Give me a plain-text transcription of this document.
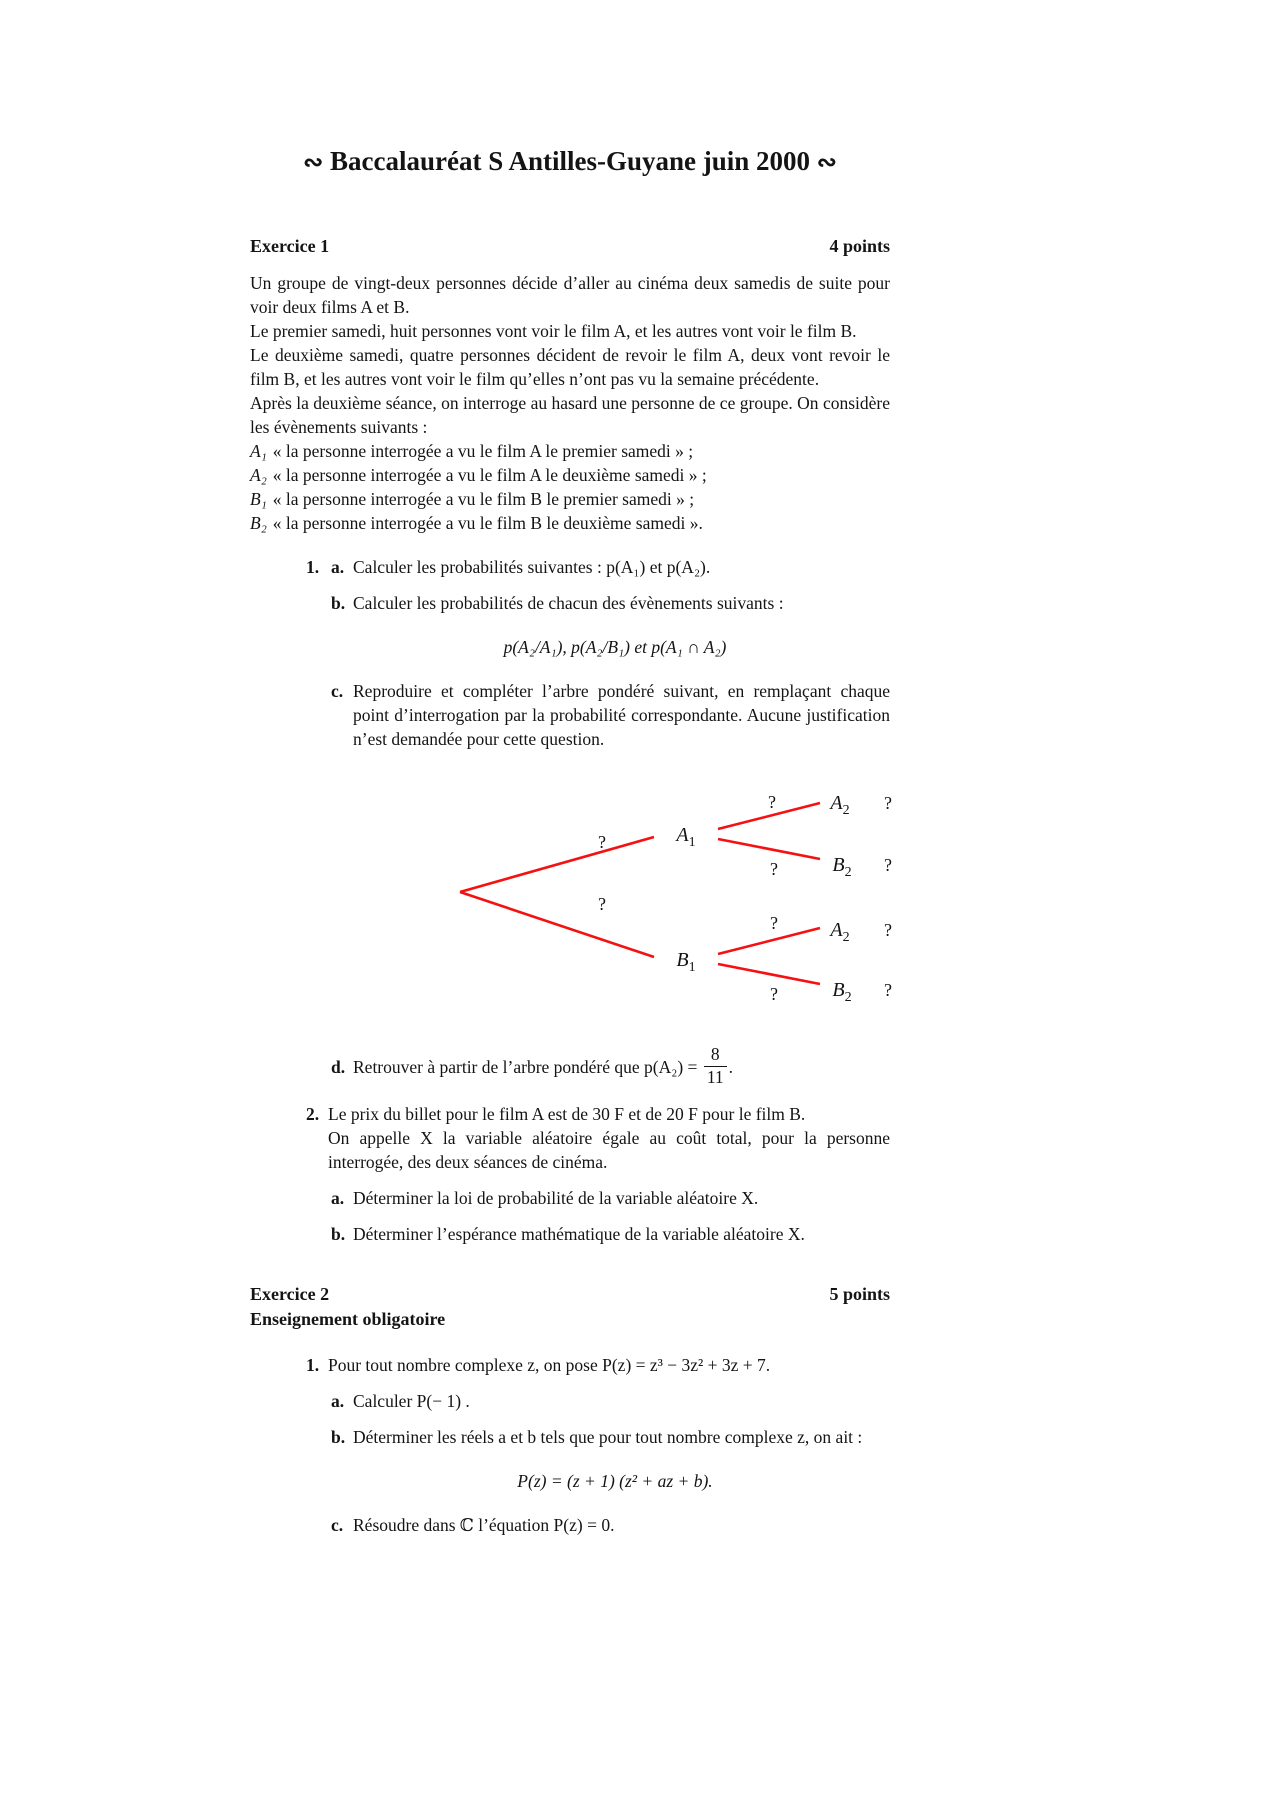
∾ Baccalauréat S Antilles-Guyane juin 2000 ∾
Exercice 1	4 points

Un groupe de vingt-deux personnes décide d’aller au cinéma deux samedis de suite pour voir deux films A et B.

Le premier samedi, huit personnes vont voir le film A, et les autres vont voir le film B.

Le deuxième samedi, quatre personnes décident de revoir le film A, deux vont revoir le film B, et les autres vont voir le film qu’elles n’ont pas vu la semaine précédente.

Après la deuxième séance, on interroge au hasard une personne de ce groupe. On considère les évènements suivants :

A₁ « la personne interrogée a vu le film A le premier samedi » ;
A₂ « la personne interrogée a vu le film A le deuxième samedi » ;
B₁ « la personne interrogée a vu le film B le premier samedi » ;
B₂ « la personne interrogée a vu le film B le deuxième samedi ».
1. a. Calculer les probabilités suivantes : p(A₁) et p(A₂).
b. Calculer les probabilités de chacun des évènements suivants :
p(A₂/A₁), p(A₂/B₁) et p(A₁ ∩ A₂)
c. Reproduire et compléter l’arbre pondéré suivant, en remplaçant chaque point d’interrogation par la probabilité correspondante. Aucune justification n’est demandée pour cette question.
?
?
?
?
?
?
$A_1$
$B_1$
$A_2$
$B_2$
$A_2$
$B_2$
?
?
?
?
d. Retrouver à partir de l’arbre pondéré que $p(A_2) = \frac{8}{11}$ .
2. Le prix du billet pour le film A est de 30 F et de 20 F pour le film B.
On appelle X la variable aléatoire égale au coût total, pour la personne interrogée, des deux séances de cinéma.
a. Déterminer la loi de probabilité de la variable aléatoire X.
b. Déterminer l’espérance mathématique de la variable aléatoire X.
Exercice 2	5 points
Enseignement obligatoire
1. Pour tout nombre complexe z, on pose P(z) = z³ − 3z² + 3z + 7.
a. Calculer P(− 1) .
b. Déterminer les réels a et b tels que pour tout nombre complexe z, on ait :
P(z) = (z + 1) (z² + az + b).
c. Résoudre dans ℂ l’équation P(z) = 0.
